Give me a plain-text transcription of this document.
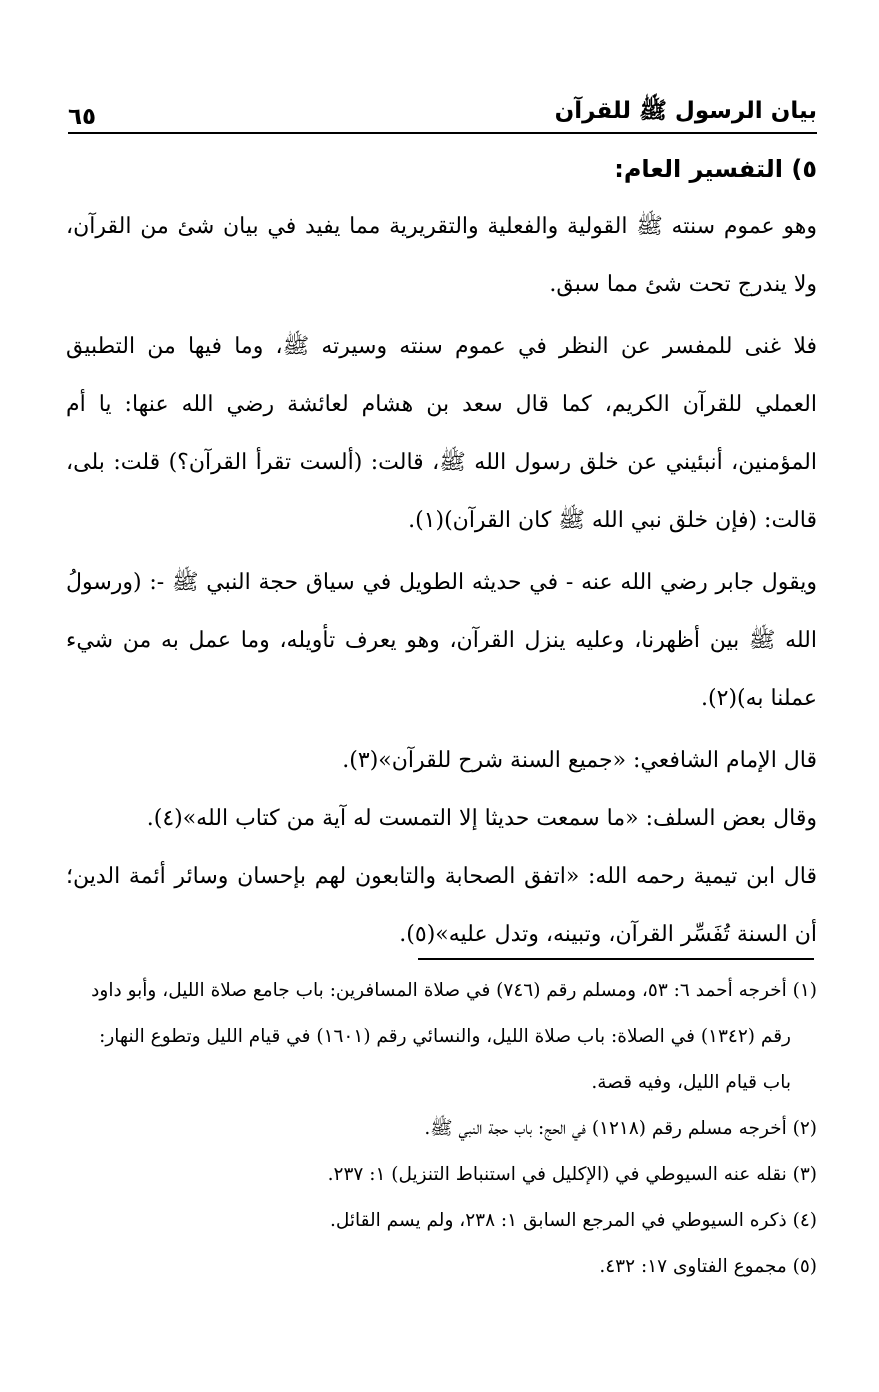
بيان الرسول ﷺ للقرآن
٦٥

٥) التفسير العام:

وهو عموم سنته ﷺ القولية والفعلية والتقريرية مما يفيد في بيان شئ من القرآن، ولا يندرج تحت شئ مما سبق.

فلا غنى للمفسر عن النظر في عموم سنته وسيرته ﷺ، وما فيها من التطبيق العملي للقرآن الكريم، كما قال سعد بن هشام لعائشة رضي الله عنها: يا أم المؤمنين، أنبئيني عن خلق رسول الله ﷺ، قالت: (ألست تقرأ القرآن؟) قلت: بلى، قالت: (فإن خلق نبي الله ﷺ كان القرآن)(١).

ويقول جابر رضي الله عنه - في حديثه الطويل في سياق حجة النبي ﷺ -: (ورسولُ الله ﷺ بين أظهرنا، وعليه ينزل القرآن، وهو يعرف تأويله، وما عمل به من شيء عملنا به)(٢).

قال الإمام الشافعي: «جميع السنة شرح للقرآن»(٣).

وقال بعض السلف: «ما سمعت حديثا إلا التمست له آية من كتاب الله»(٤).

قال ابن تيمية رحمه الله: «اتفق الصحابة والتابعون لهم بإحسان وسائر أئمة الدين؛ أن السنة تُفَسِّر القرآن، وتبينه، وتدل عليه»(٥).

(١) أخرجه أحمد ٦: ٥٣، ومسلم رقم (٧٤٦) في صلاة المسافرين: باب جامع صلاة الليل، وأبو داود

رقم (١٣٤٢) في الصلاة: باب صلاة الليل، والنسائي رقم (١٦٠١) في قيام الليل وتطوع النهار:

باب قيام الليل، وفيه قصة.

(٢) أخرجه مسلم رقم (١٢١٨) في الحج: باب حجة النبي ﷺ.

(٣) نقله عنه السيوطي في (الإكليل في استنباط التنزيل) ١: ٢٣٧.

(٤) ذكره السيوطي في المرجع السابق ١: ٢٣٨، ولم يسم القائل.

(٥) مجموع الفتاوى ١٧: ٤٣٢.
